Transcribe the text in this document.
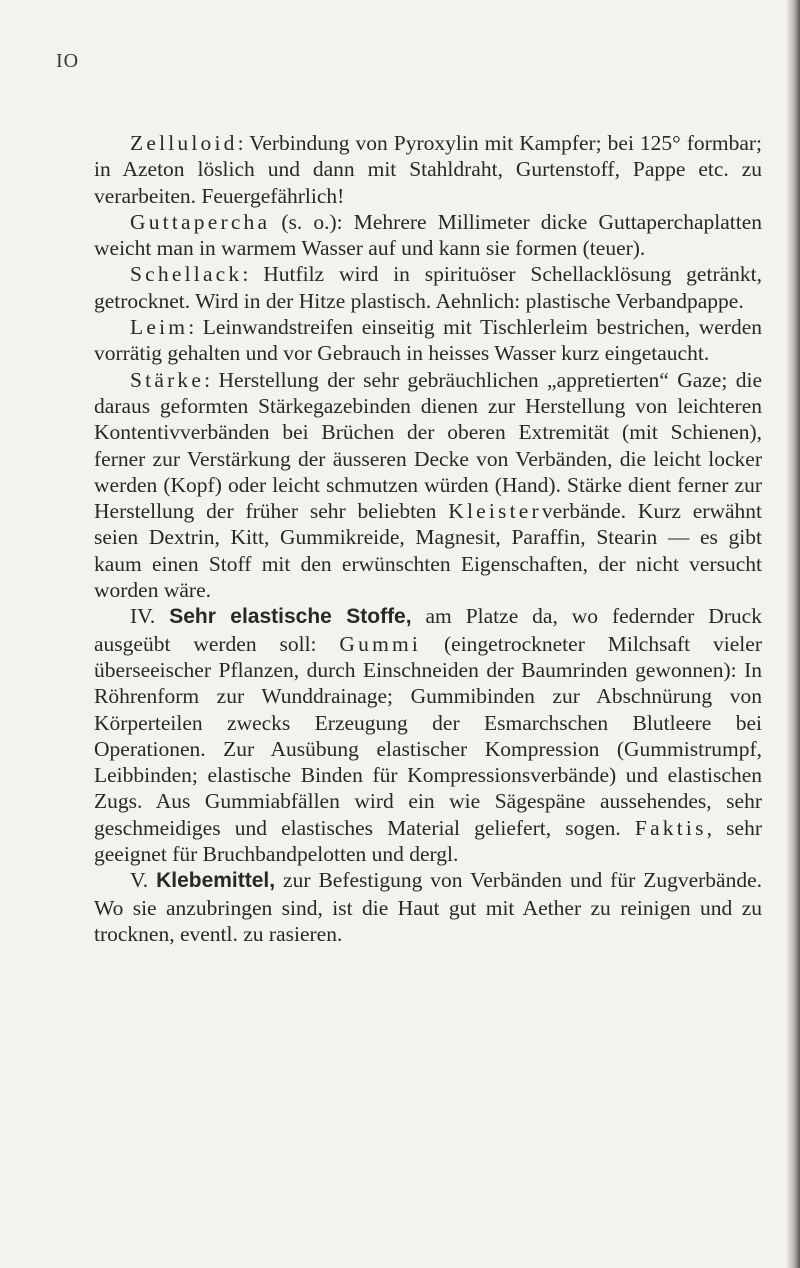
IO

Zelluloid: Verbindung von Pyroxylin mit Kampfer; bei 125° formbar; in Azeton löslich und dann mit Stahldraht, Gurtenstoff, Pappe etc. zu verarbeiten. Feuergefährlich!

Guttapercha (s. o.): Mehrere Millimeter dicke Guttaperchaplatten weicht man in warmem Wasser auf und kann sie formen (teuer).

Schellack: Hutfilz wird in spirituöser Schellacklösung getränkt, getrocknet. Wird in der Hitze plastisch. Aehnlich: plastische Verbandpappe.

Leim: Leinwandstreifen einseitig mit Tischlerleim bestrichen, werden vorrätig gehalten und vor Gebrauch in heisses Wasser kurz eingetaucht.

Stärke: Herstellung der sehr gebräuchlichen „appretierten“ Gaze; die daraus geformten Stärkegazebinden dienen zur Herstellung von leichteren Kontentivverbänden bei Brüchen der oberen Extremität (mit Schienen), ferner zur Verstärkung der äusseren Decke von Verbänden, die leicht locker werden (Kopf) oder leicht schmutzen würden (Hand). Stärke dient ferner zur Herstellung der früher sehr beliebten Kleisterverbände. Kurz erwähnt seien Dextrin, Kitt, Gummikreide, Magnesit, Paraffin, Stearin — es gibt kaum einen Stoff mit den erwünschten Eigenschaften, der nicht versucht worden wäre.

IV. Sehr elastische Stoffe, am Platze da, wo federnder Druck ausgeübt werden soll: Gummi (eingetrockneter Milchsaft vieler überseeischer Pflanzen, durch Einschneiden der Baumrinden gewonnen): In Röhrenform zur Wunddrainage; Gummibinden zur Abschnürung von Körperteilen zwecks Erzeugung der Esmarchschen Blutleere bei Operationen. Zur Ausübung elastischer Kompression (Gummistrumpf, Leibbinden; elastische Binden für Kompressionsverbände) und elastischen Zugs. Aus Gummiabfällen wird ein wie Sägespäne aussehendes, sehr geschmeidiges und elastisches Material geliefert, sogen. Faktis, sehr geeignet für Bruchbandpelotten und dergl.

V. Klebemittel, zur Befestigung von Verbänden und für Zugverbände. Wo sie anzubringen sind, ist die Haut gut mit Aether zu reinigen und zu trocknen, eventl. zu rasieren.
